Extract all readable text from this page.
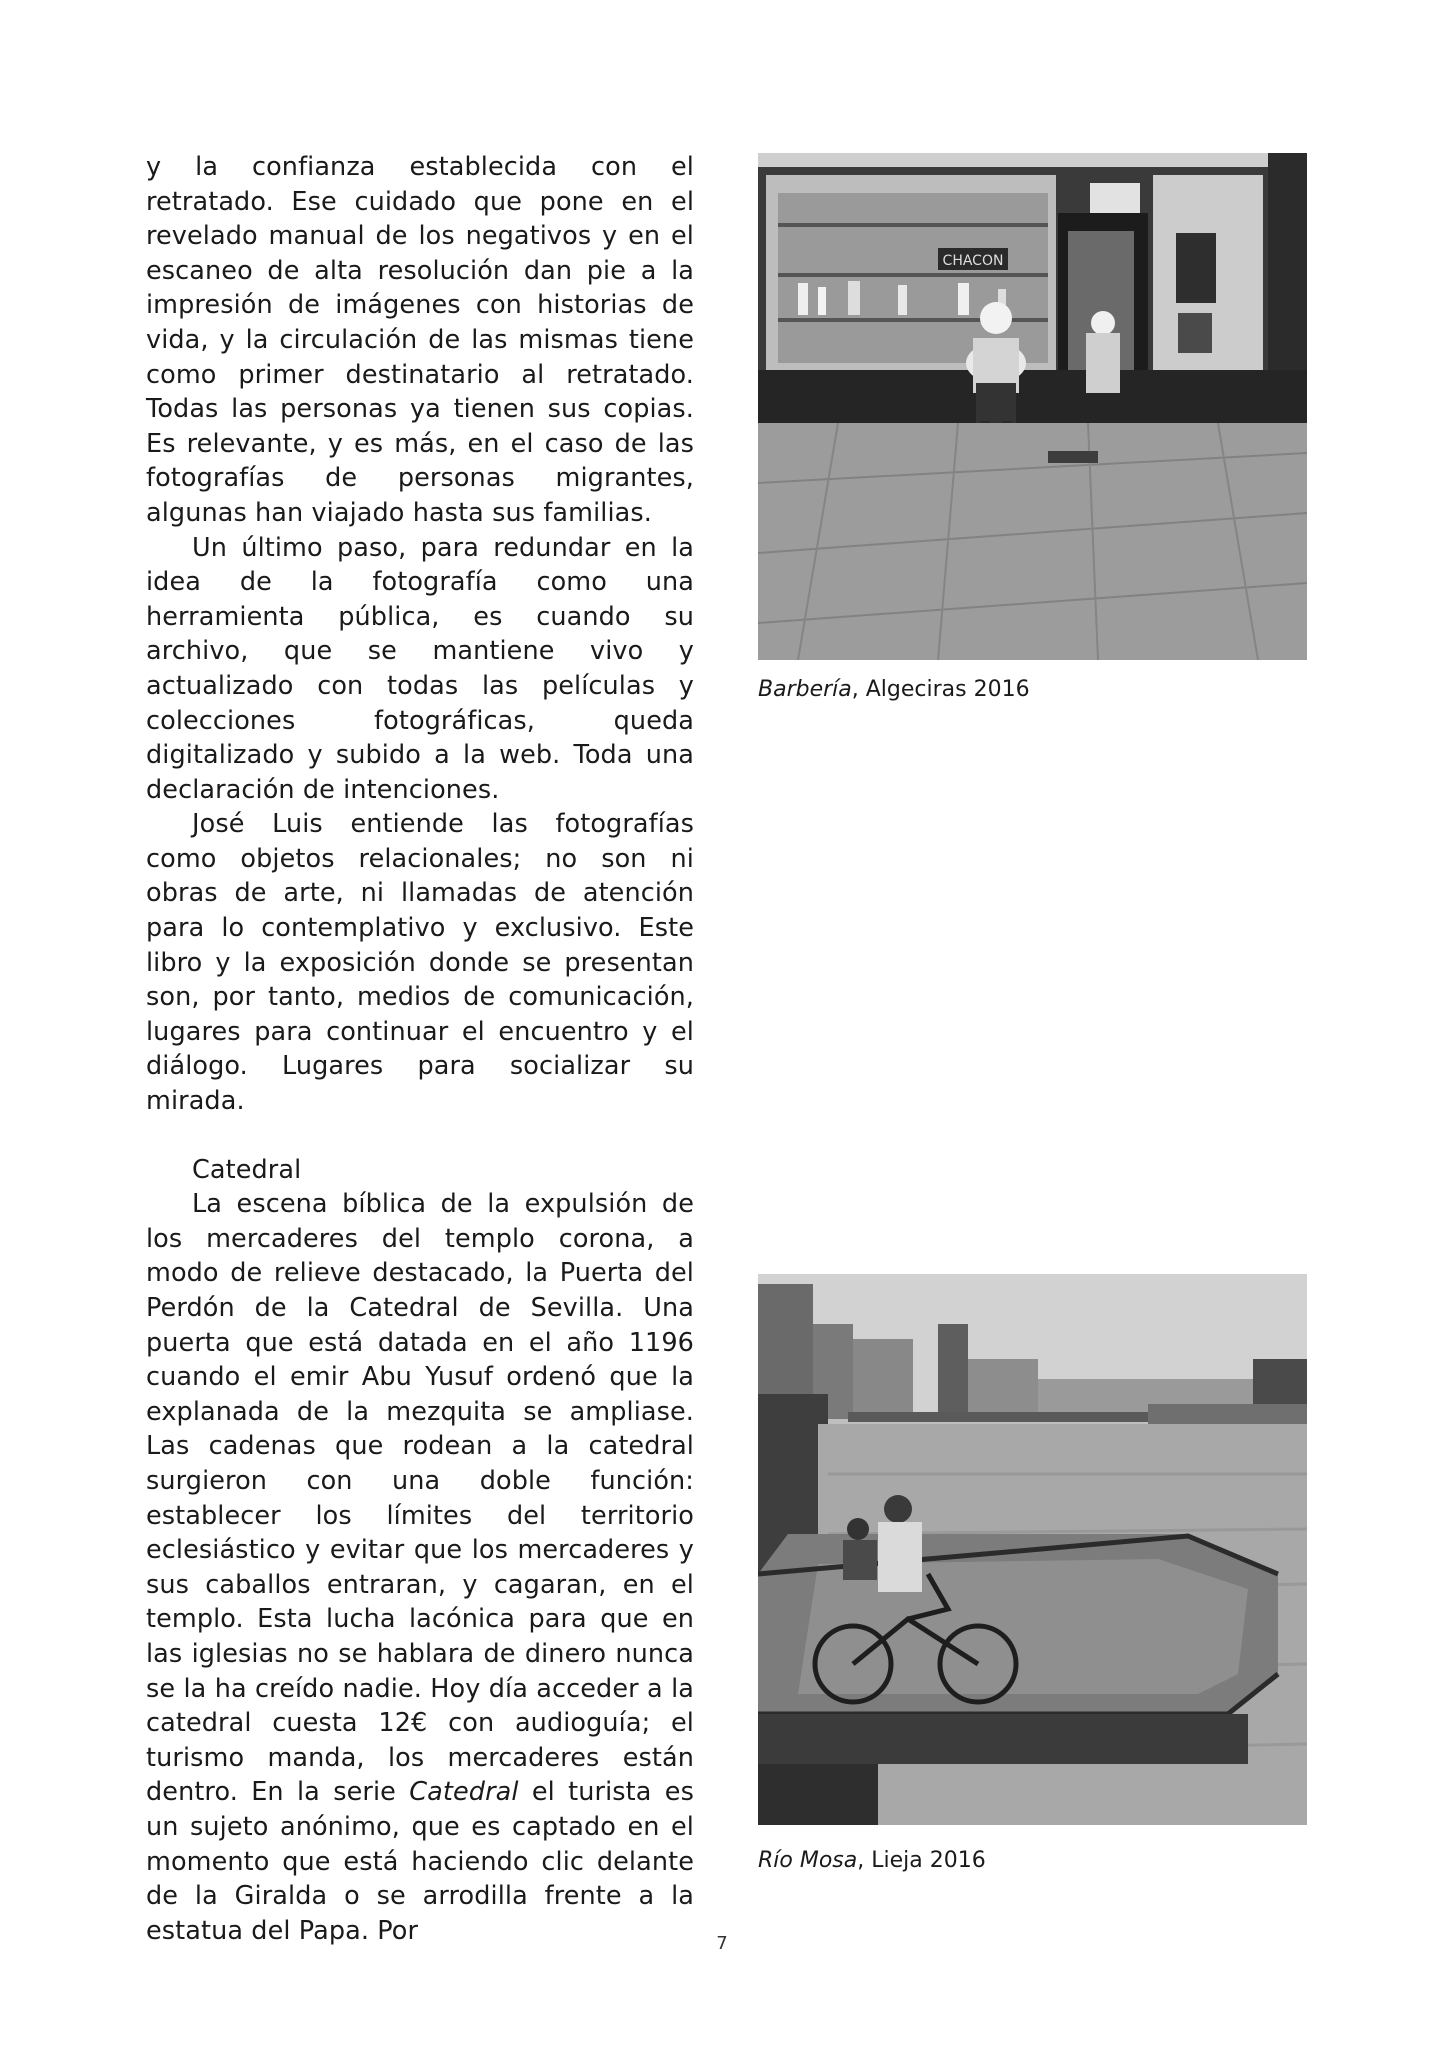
y la confianza establecida con el retratado. Ese cuidado que pone en el revelado manual de los negativos y en el escaneo de alta resolución dan pie a la impresión de imágenes con historias de vida, y la circulación de las mismas tiene como primer destinatario al retratado. Todas las personas ya tienen sus copias. Es relevante, y es más, en el caso de las fotografías de personas migrantes, algunas han viajado hasta sus familias.

Un último paso, para redundar en la idea de la fotografía como una herramienta pública, es cuando su archivo, que se mantiene vivo y actualizado con todas las películas y colecciones fotográficas, queda digitalizado y subido a la web. Toda una declaración de intenciones.

José Luis entiende las fotografías como objetos relacionales; no son ni obras de arte, ni llamadas de atención para lo contemplativo y exclusivo. Este libro y la exposición donde se presentan son, por tanto, medios de comunicación, lugares para continuar el encuentro y el diálogo. Lugares para socializar su mirada.

Catedral

La escena bíblica de la expulsión de los mercaderes del templo corona, a modo de relieve destacado, la Puerta del Perdón de la Catedral de Sevilla. Una puerta que está datada en el año 1196 cuando el emir Abu Yusuf ordenó que la explanada de la mezquita se ampliase. Las cadenas que rodean a la catedral surgieron con una doble función: establecer los límites del territorio eclesiástico y evitar que los mercaderes y sus caballos entraran, y cagaran, en el templo. Esta lucha lacónica para que en las iglesias no se hablara de dinero nunca se la ha creído nadie. Hoy día acceder a la catedral cuesta 12€ con audioguía; el turismo manda, los mercaderes están dentro. En la serie Catedral el turista es un sujeto anónimo, que es captado en el momento que está haciendo clic delante de la Giralda o se arrodilla frente a la estatua del Papa. Por

CHACON
Barbería, Algeciras 2016
Río Mosa, Lieja 2016
7
